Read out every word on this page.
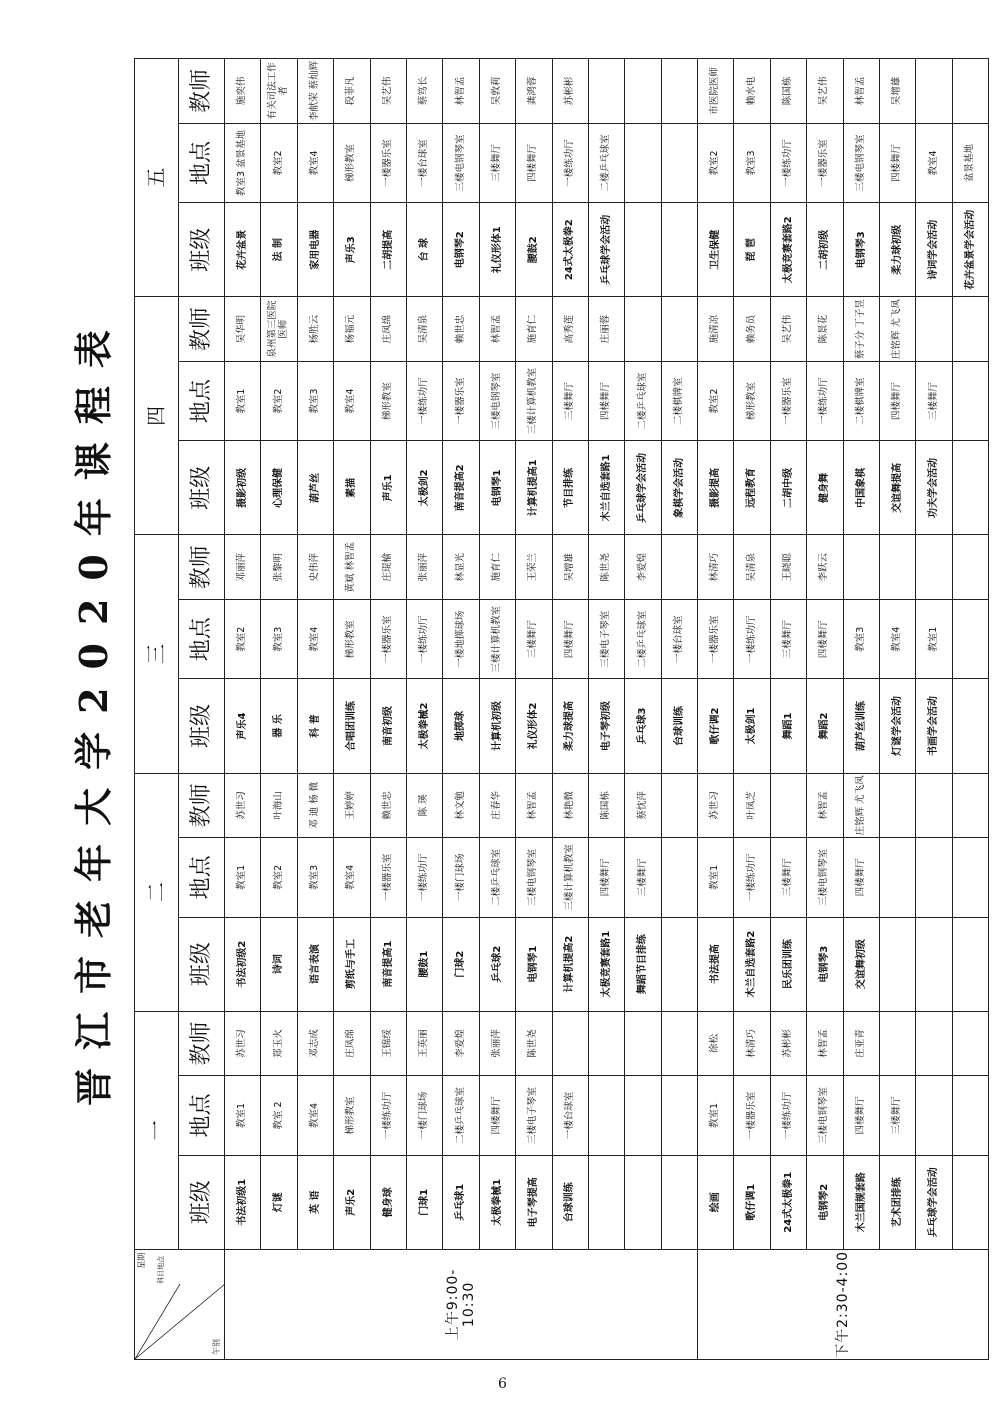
晋江市老年大学2020年课程表
星期 科目地点
午别	一			二			三			四			五		
	班级	地点	教师	班级	地点	教师	班级	地点	教师	班级	地点	教师	班级	地点	教师
上午9:00-10:30	书法初级1	教室1	苏世习	书法初级2	教室1	苏世习	声乐4	教室2	邓丽萍	摄影初级	教室1	吴华明	花卉盆景	教室3 盆景基地	施奕伟
	灯谜	教室 2	郑玉火	诗词	教室2	叶海山	器 乐	教室3	张黎明	心理保健	教室2	泉州第三医院医师	法 制	教室2	有关司法工作者
	英 语	教室4	邓志成	语言表演	教室3	邓 迪 杨 微	科 普	教室4	史伟萍	葫芦丝	教室3	杨胜云	家用电器	教室4	李献荣 蔡灿辉
	声乐2	梯形教室	庄凤绵	剪纸与手工	教室4	王婷婷	合唱团训练	梯形教室	黄斌 林智孟	素描	教室4	杨福元	声乐3	梯形教室	段菲凡
	健身球	一楼练功厅	王锦绥	南音提高1	一楼器乐室	赖世忠	南音初级	一楼器乐室	庄琨榆	声乐1	梯形教室	庄凤绵	二胡提高	一楼器乐室	吴艺伟
	门球1	一楼门球场	王英丽	腰鼓1	一楼练功厅	陈 瑛	太极拳械2	一楼练功厅	张丽萍	太极剑2	一楼练功厅	吴清泉	台 球	一楼台球室	蔡笃长
	乒乓球1	二楼乒乓球室	李爱煌	门球2	一楼门球场	林文勉	地掷球	一楼地掷球场	林显光	南音提高2	一楼器乐室	赖世忠	电钢琴2	三楼电钢琴室	林智孟
	太极拳械1	四楼舞厅	张丽萍	乒乓球2	二楼乒乓球室	庄春华	计算机初级	三楼计算机教室	施育仁	电钢琴1	三楼电钢琴室	林智孟	礼仪形体1	三楼舞厅	吴敦莉
	电子琴提高	三楼电子琴室	陈世尧	电钢琴1	三楼电钢琴室	林智孟	礼仪形体2	三楼舞厅	王荣兰	计算机提高1	三楼计算机教室	施育仁	腰鼓2	四楼舞厅	龚鸿蓉
	台球训练	一楼台球室		计算机提高2	三楼计算机教室	林艳微	柔力球提高	四楼舞厅	吴增雄	节目排练	三楼舞厅	高秀莲	24式太极拳2	一楼练功厅	苏彬彬
				太极竞赛套路1	四楼舞厅	陈国栋	电子琴初级	三楼电子琴室	陈世尧	木兰自选套路1	四楼舞厅	庄丽蓉	乒乓球学会活动	二楼乒乓球室	
				舞蹈节目排练	三楼舞厅	蔡忱萍	乒乓球3	二楼乒乓球室	李爱煌	乒乓球学会活动	二楼乒乓球室				
							台球训练	一楼台球室		象棋学会活动	二楼棋牌室				
下午2:30-4:00	绘画	教室1	徐松	书法提高	教室1	苏世习	歌仔调2	一楼器乐室	林清巧	摄影提高	教室2	施清凉	卫生保健	教室2	市医院医师
	歌仔调1	一楼器乐室	林清巧	木兰自选套路2	一楼练功厅	叶凤芝	太极剑1	一楼练功厅	吴清泉	远程教育	梯形教室	赖务员	琵 琶	教室3	赖水电
	24式太极拳1	一楼练功厅	苏彬彬	民乐团训练	三楼舞厅		舞蹈1	三楼舞厅	王晓聪	二胡中级	一楼器乐室	吴艺伟	太极竞赛套路2	一楼练功厅	陈国栋
	电钢琴2	三楼电钢琴室	林智孟	电钢琴3	三楼电钢琴室	林智孟	舞蹈2	四楼舞厅	李跃云	健身舞	一楼练功厅	陈景花	二胡初级	一楼器乐室	吴艺伟
	木兰国规套路	四楼舞厅	庄亚青	交谊舞初级	四楼舞厅	庄铭辉 尤飞凤	葫芦丝训练	教室3		中国象棋	二楼棋牌室	蔡子分 丁子昱	电钢琴3	三楼电钢琴室	林智孟
	艺术团排练	三楼舞厅					灯谜学会活动	教室4		交谊舞提高	四楼舞厅	庄铭辉 尤飞凤	柔力球初级	四楼舞厅	吴增雄
	乒乓球学会活动						书画学会活动	教室1		功夫学会活动	三楼舞厅		诗词学会活动	教室4	
													花卉盆景学会活动	盆景基地	
6
